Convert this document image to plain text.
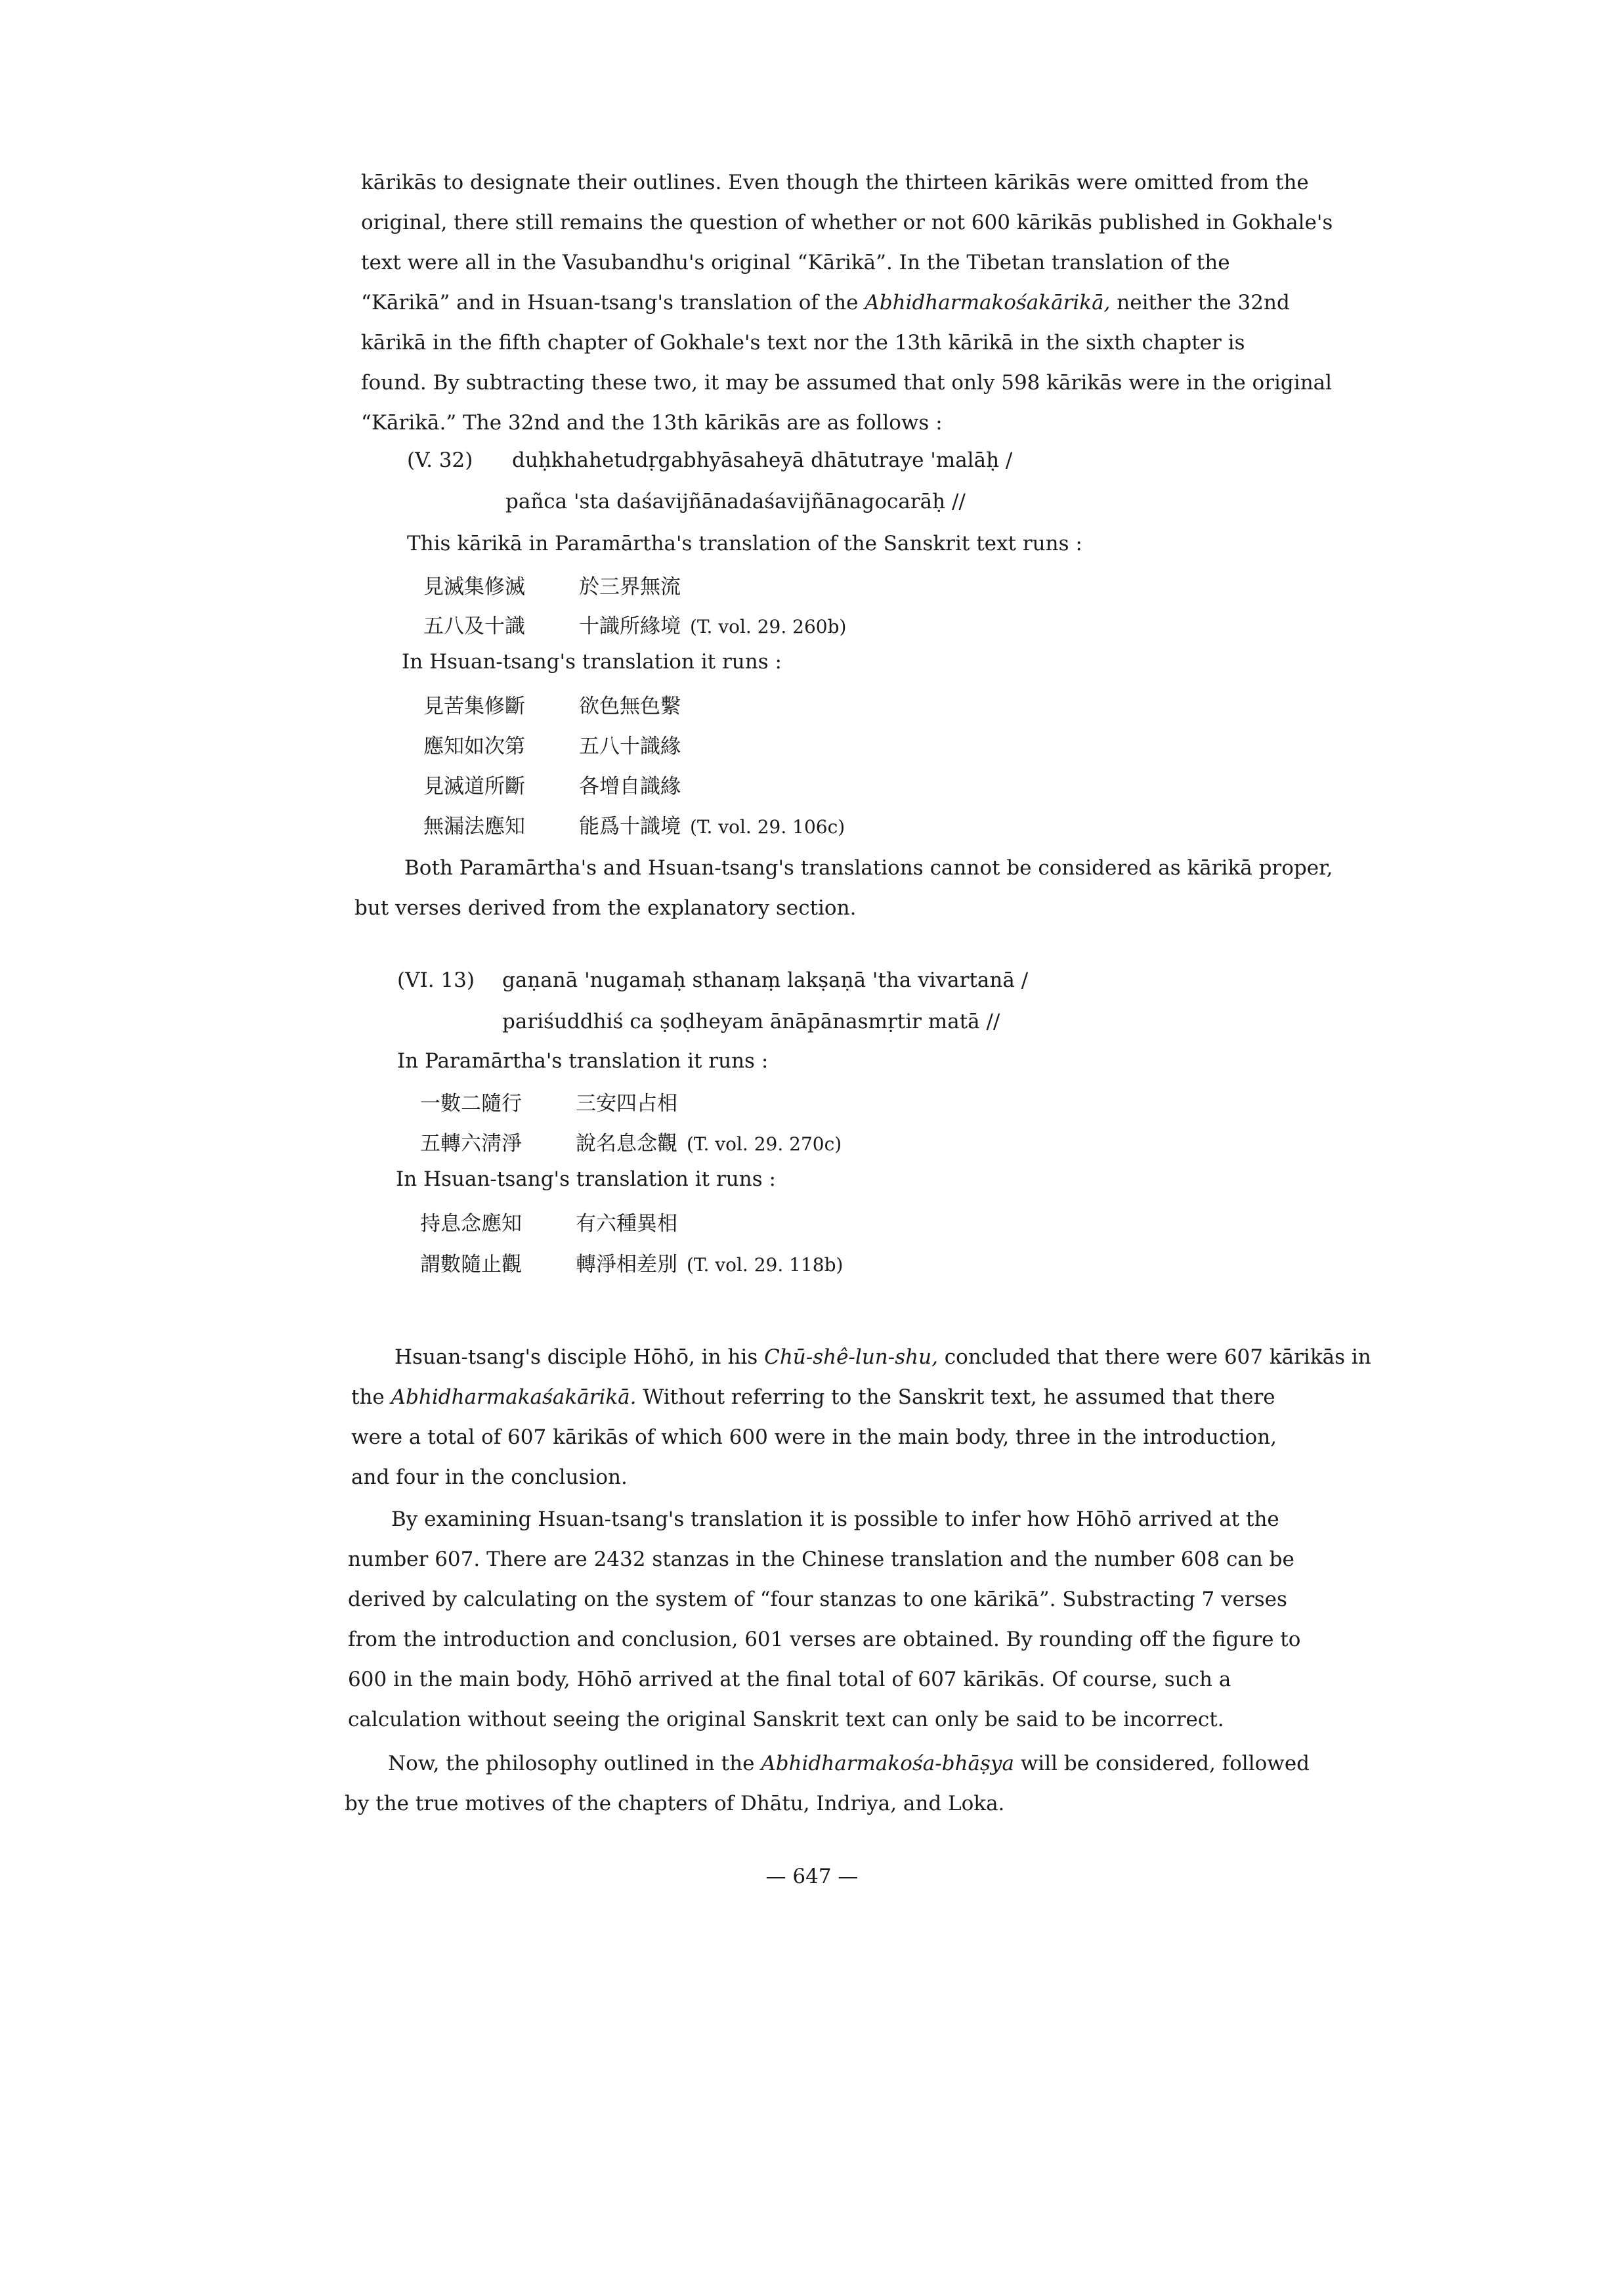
kārikās to designate their outlines. Even though the thirteen kārikās were omitted from the
original, there still remains the question of whether or not 600 kārikās published in Gokhale's
text were all in the Vasubandhu's original “Kārikā”. In the Tibetan translation of the
“Kārikā” and in Hsuan-tsang's translation of the Abhidharmakośakārikā, neither the 32nd
kārikā in the fifth chapter of Gokhale's text nor the 13th kārikā in the sixth chapter is
found. By subtracting these two, it may be assumed that only 598 kārikās were in the original
“Kārikā.” The 32nd and the 13th kārikās are as follows :
(V. 32) duḥkhahetudṛgabhyāsaheyā dhātutraye 'malāḥ /
pañca 'sta daśavijñānadaśavijñānagocarāḥ //
This kārikā in Paramārtha's translation of the Sanskrit text runs :
見滅集修滅	於三界無流
五八及十識	十識所緣境 (T. vol. 29. 260b)
In Hsuan-tsang's translation it runs :
見苦集修斷	欲色無色繫
應知如次第	五八十識緣
見滅道所斷	各增自識緣
無漏法應知	能爲十識境 (T. vol. 29. 106c)
Both Paramārtha's and Hsuan-tsang's translations cannot be considered as kārikā proper,
but verses derived from the explanatory section.
(VI. 13) gaṇanā 'nugamaḥ sthanaṃ lakṣaṇā 'tha vivartanā /
pariśuddhiś ca ṣoḍheyam ānāpānasmṛtir matā //
In Paramārtha's translation it runs :
一數二隨行	三安四占相
五轉六淸淨	說名息念觀 (T. vol. 29. 270c)
In Hsuan-tsang's translation it runs :
持息念應知	有六種異相
謂數隨止觀	轉淨相差別 (T. vol. 29. 118b)
Hsuan-tsang's disciple Hōhō, in his Chū-shê-lun-shu, concluded that there were 607 kārikās in
the Abhidharmakaśakārikā. Without referring to the Sanskrit text, he assumed that there
were a total of 607 kārikās of which 600 were in the main body, three in the introduction,
and four in the conclusion.
By examining Hsuan-tsang's translation it is possible to infer how Hōhō arrived at the
number 607. There are 2432 stanzas in the Chinese translation and the number 608 can be
derived by calculating on the system of “four stanzas to one kārikā”. Substracting 7 verses
from the introduction and conclusion, 601 verses are obtained. By rounding off the figure to
600 in the main body, Hōhō arrived at the final total of 607 kārikās. Of course, such a
calculation without seeing the original Sanskrit text can only be said to be incorrect.
Now, the philosophy outlined in the Abhidharmakośa-bhāṣya will be considered, followed
by the true motives of the chapters of Dhātu, Indriya, and Loka.
— 647 —
